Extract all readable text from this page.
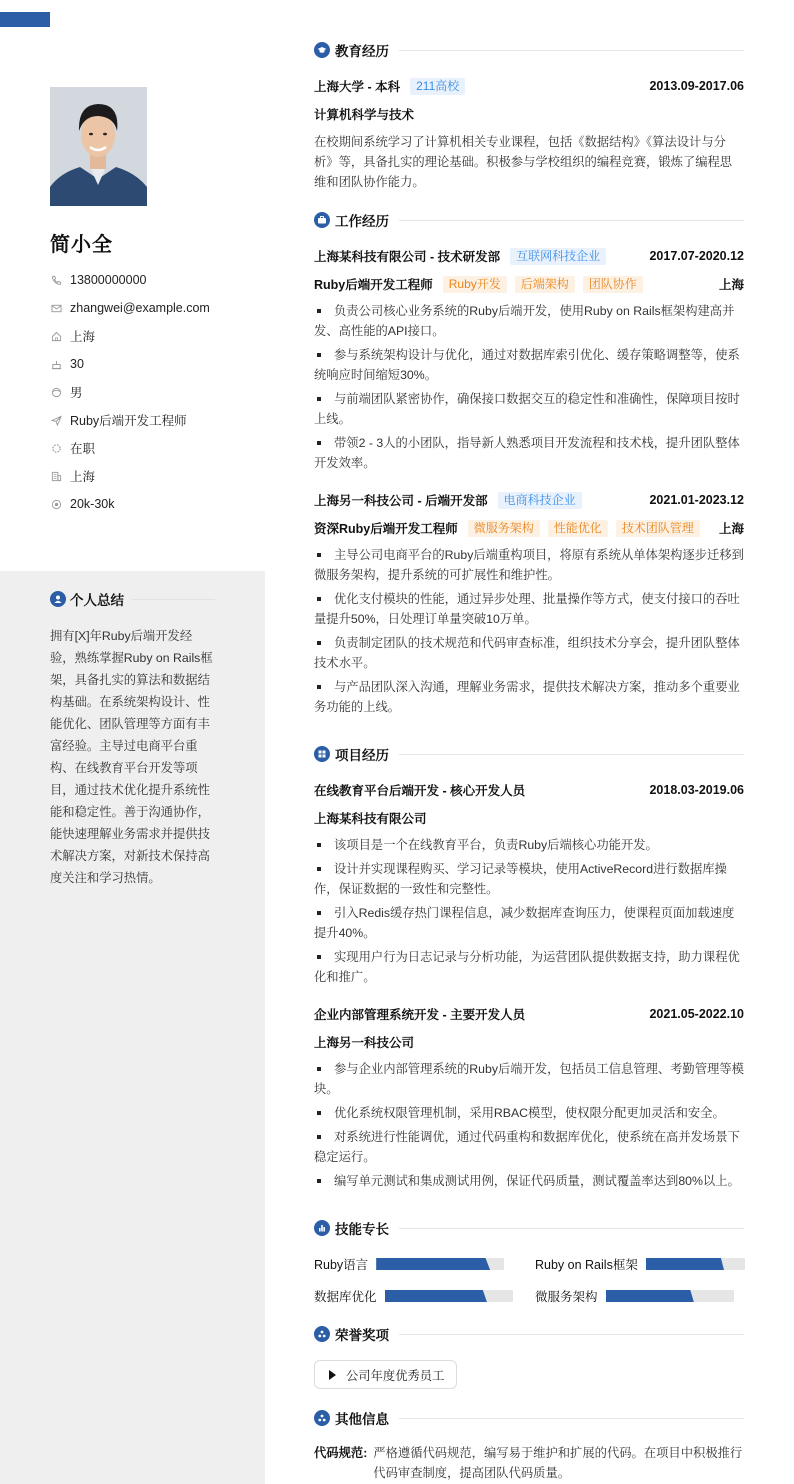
简小全
13800000000
zhangwei@example.com
上海
30
男
Ruby后端开发工程师
在职
上海
20k-30k
个人总结
拥有[X]年Ruby后端开发经验，熟练掌握Ruby on Rails框架，具备扎实的算法和数据结构基础。在系统架构设计、性能优化、团队管理等方面有丰富经验。主导过电商平台重构、在线教育平台开发等项目，通过技术优化提升系统性能和稳定性。善于沟通协作，能快速理解业务需求并提供技术解决方案，对新技术保持高度关注和学习热情。
教育经历
上海大学 - 本科	211高校	2013.09-2017.06
计算机科学与技术
在校期间系统学习了计算机相关专业课程，包括《数据结构》《算法设计与分析》等，具备扎实的理论基础。积极参与学校组织的编程竞赛，锻炼了编程思维和团队协作能力。
工作经历
上海某科技有限公司 - 技术研发部	互联网科技企业	2017.07-2020.12
Ruby后端开发工程师	Ruby开发	后端架构	团队协作	上海
负责公司核心业务系统的Ruby后端开发，使用Ruby on Rails框架构建高并发、高性能的API接口。
参与系统架构设计与优化，通过对数据库索引优化、缓存策略调整等，使系统响应时间缩短30%。
与前端团队紧密协作，确保接口数据交互的稳定性和准确性，保障项目按时上线。
带领2 - 3人的小团队，指导新人熟悉项目开发流程和技术栈，提升团队整体开发效率。
上海另一科技公司 - 后端开发部	电商科技企业	2021.01-2023.12
资深Ruby后端开发工程师	微服务架构	性能优化	技术团队管理	上海
主导公司电商平台的Ruby后端重构项目，将原有系统从单体架构逐步迁移到微服务架构，提升系统的可扩展性和维护性。
优化支付模块的性能，通过异步处理、批量操作等方式，使支付接口的吞吐量提升50%，日处理订单量突破10万单。
负责制定团队的技术规范和代码审查标准，组织技术分享会，提升团队整体技术水平。
与产品团队深入沟通，理解业务需求，提供技术解决方案，推动多个重要业务功能的上线。
项目经历
在线教育平台后端开发 - 核心开发人员	2018.03-2019.06
上海某科技有限公司
该项目是一个在线教育平台，负责Ruby后端核心功能开发。
设计并实现课程购买、学习记录等模块，使用ActiveRecord进行数据库操作，保证数据的一致性和完整性。
引入Redis缓存热门课程信息，减少数据库查询压力，使课程页面加载速度提升40%。
实现用户行为日志记录与分析功能，为运营团队提供数据支持，助力课程优化和推广。
企业内部管理系统开发 - 主要开发人员	2021.05-2022.10
上海另一科技公司
参与企业内部管理系统的Ruby后端开发，包括员工信息管理、考勤管理等模块。
优化系统权限管理机制，采用RBAC模型，使权限分配更加灵活和安全。
对系统进行性能调优，通过代码重构和数据库优化，使系统在高并发场景下稳定运行。
编写单元测试和集成测试用例，保证代码质量，测试覆盖率达到80%以上。
技能专长
Ruby语言	Ruby on Rails框架
数据库优化	微服务架构
荣誉奖项
公司年度优秀员工
其他信息
代码规范: 严格遵循代码规范，编写易于维护和扩展的代码。在项目中积极推行代码审查制度，提高团队代码质量。
